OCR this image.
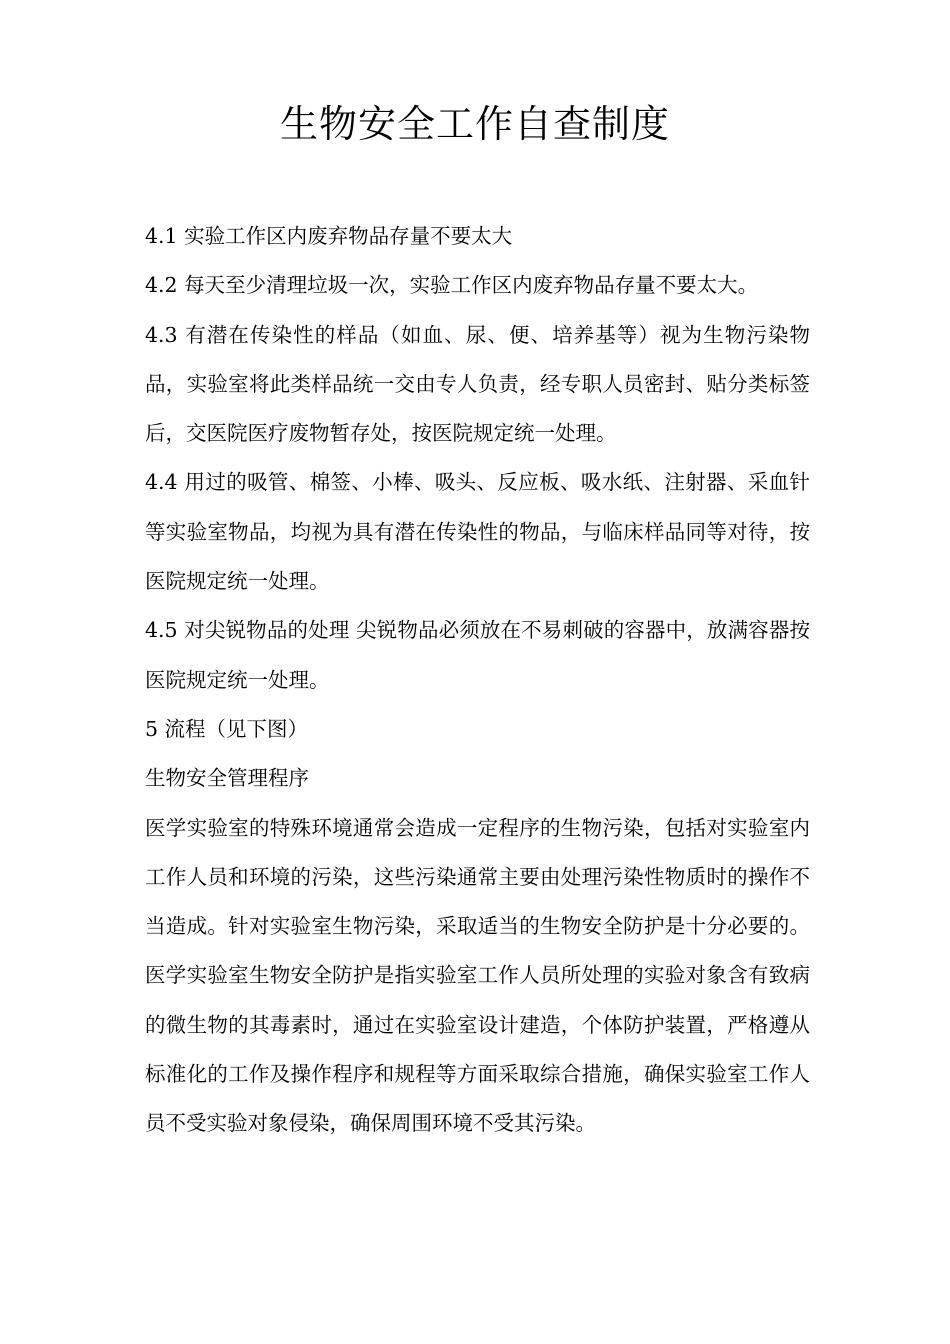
生物安全工作自查制度

4.1 实验工作区内废弃物品存量不要太大

4.2 每天至少清理垃圾一次，实验工作区内废弃物品存量不要太大。

4.3 有潜在传染性的样品（如血、尿、便、培养基等）视为生物污染物品，实验室将此类样品统一交由专人负责，经专职人员密封、贴分类标签后，交医院医疗废物暂存处，按医院规定统一处理。

4.4 用过的吸管、棉签、小棒、吸头、反应板、吸水纸、注射器、采血针等实验室物品，均视为具有潜在传染性的物品，与临床样品同等对待，按医院规定统一处理。

4.5 对尖锐物品的处理 尖锐物品必须放在不易刺破的容器中，放满容器按医院规定统一处理。

5 流程（见下图）

生物安全管理程序

医学实验室的特殊环境通常会造成一定程序的生物污染，包括对实验室内工作人员和环境的污染，这些污染通常主要由处理污染性物质时的操作不当造成。针对实验室生物污染，采取适当的生物安全防护是十分必要的。 医学实验室生物安全防护是指实验室工作人员所处理的实验对象含有致病的微生物的其毒素时，通过在实验室设计建造，个体防护装置，严格遵从标准化的工作及操作程序和规程等方面采取综合措施，确保实验室工作人员不受实验对象侵染，确保周围环境不受其污染。
